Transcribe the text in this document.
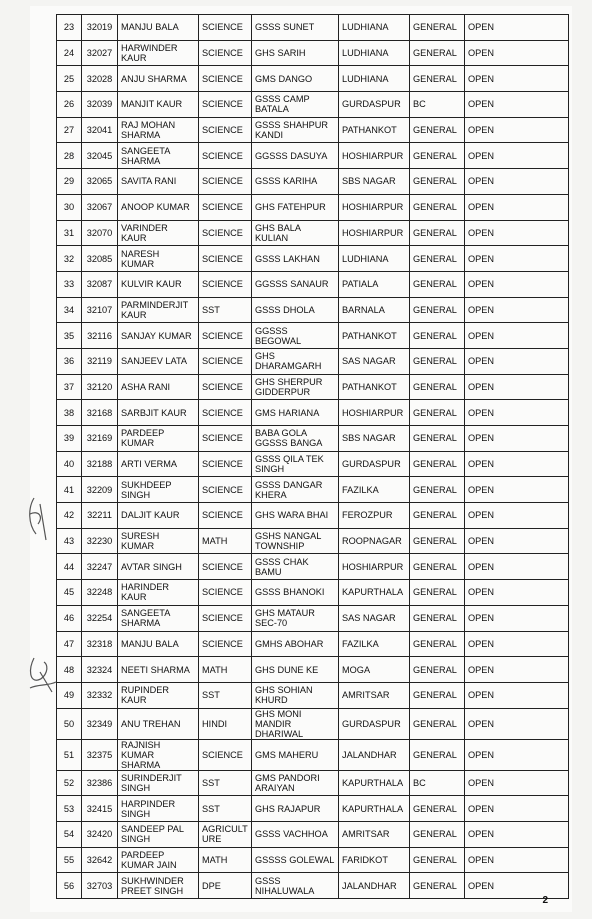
23	32019	MANJU BALA	SCIENCE	GSSS SUNET	LUDHIANA	GENERAL	OPEN
24	32027	HARWINDER KAUR	SCIENCE	GHS SARIH	LUDHIANA	GENERAL	OPEN
25	32028	ANJU SHARMA	SCIENCE	GMS DANGO	LUDHIANA	GENERAL	OPEN
26	32039	MANJIT KAUR	SCIENCE	GSSS CAMP BATALA	GURDASPUR	BC	OPEN
27	32041	RAJ MOHAN SHARMA	SCIENCE	GSSS SHAHPUR KANDI	PATHANKOT	GENERAL	OPEN
28	32045	SANGEETA SHARMA	SCIENCE	GGSSS DASUYA	HOSHIARPUR	GENERAL	OPEN
29	32065	SAVITA RANI	SCIENCE	GSSS KARIHA	SBS NAGAR	GENERAL	OPEN
30	32067	ANOOP KUMAR	SCIENCE	GHS FATEHPUR	HOSHIARPUR	GENERAL	OPEN
31	32070	VARINDER KAUR	SCIENCE	GHS BALA KULIAN	HOSHIARPUR	GENERAL	OPEN
32	32085	NARESH KUMAR	SCIENCE	GSSS LAKHAN	LUDHIANA	GENERAL	OPEN
33	32087	KULVIR KAUR	SCIENCE	GGSSS SANAUR	PATIALA	GENERAL	OPEN
34	32107	PARMINDERJIT KAUR	SST	GSSS DHOLA	BARNALA	GENERAL	OPEN
35	32116	SANJAY KUMAR	SCIENCE	GGSSS BEGOWAL	PATHANKOT	GENERAL	OPEN
36	32119	SANJEEV LATA	SCIENCE	GHS DHARAMGARH	SAS NAGAR	GENERAL	OPEN
37	32120	ASHA RANI	SCIENCE	GHS SHERPUR GIDDERPUR	PATHANKOT	GENERAL	OPEN
38	32168	SARBJIT KAUR	SCIENCE	GMS HARIANA	HOSHIARPUR	GENERAL	OPEN
39	32169	PARDEEP KUMAR	SCIENCE	BABA GOLA GGSSS BANGA	SBS NAGAR	GENERAL	OPEN
40	32188	ARTI VERMA	SCIENCE	GSSS QILA TEK SINGH	GURDASPUR	GENERAL	OPEN
41	32209	SUKHDEEP SINGH	SCIENCE	GSSS DANGAR KHERA	FAZILKA	GENERAL	OPEN
42	32211	DALJIT KAUR	SCIENCE	GHS WARA BHAI	FEROZPUR	GENERAL	OPEN
43	32230	SURESH KUMAR	MATH	GSHS NANGAL TOWNSHIP	ROOPNAGAR	GENERAL	OPEN
44	32247	AVTAR SINGH	SCIENCE	GSSS CHAK BAMU	HOSHIARPUR	GENERAL	OPEN
45	32248	HARINDER KAUR	SCIENCE	GSSS BHANOKI	KAPURTHALA	GENERAL	OPEN
46	32254	SANGEETA SHARMA	SCIENCE	GHS MATAUR SEC-70	SAS NAGAR	GENERAL	OPEN
47	32318	MANJU BALA	SCIENCE	GMHS ABOHAR	FAZILKA	GENERAL	OPEN
48	32324	NEETI SHARMA	MATH	GHS DUNE KE	MOGA	GENERAL	OPEN
49	32332	RUPINDER KAUR	SST	GHS SOHIAN KHURD	AMRITSAR	GENERAL	OPEN
50	32349	ANU TREHAN	HINDI	GHS MONI MANDIR DHARIWAL	GURDASPUR	GENERAL	OPEN
51	32375	RAJNISH KUMAR SHARMA	SCIENCE	GMS MAHERU	JALANDHAR	GENERAL	OPEN
52	32386	SURINDERJIT SINGH	SST	GMS PANDORI ARAIYAN	KAPURTHALA	BC	OPEN
53	32415	HARPINDER SINGH	SST	GHS RAJAPUR	KAPURTHALA	GENERAL	OPEN
54	32420	SANDEEP PAL SINGH	AGRICULT URE	GSSS VACHHOA	AMRITSAR	GENERAL	OPEN
55	32642	PARDEEP KUMAR JAIN	MATH	GSSSS GOLEWAL	FARIDKOT	GENERAL	OPEN
56	32703	SUKHWINDER PREET SINGH	DPE	GSSS NIHALUWALA	JALANDHAR	GENERAL	OPEN
2
